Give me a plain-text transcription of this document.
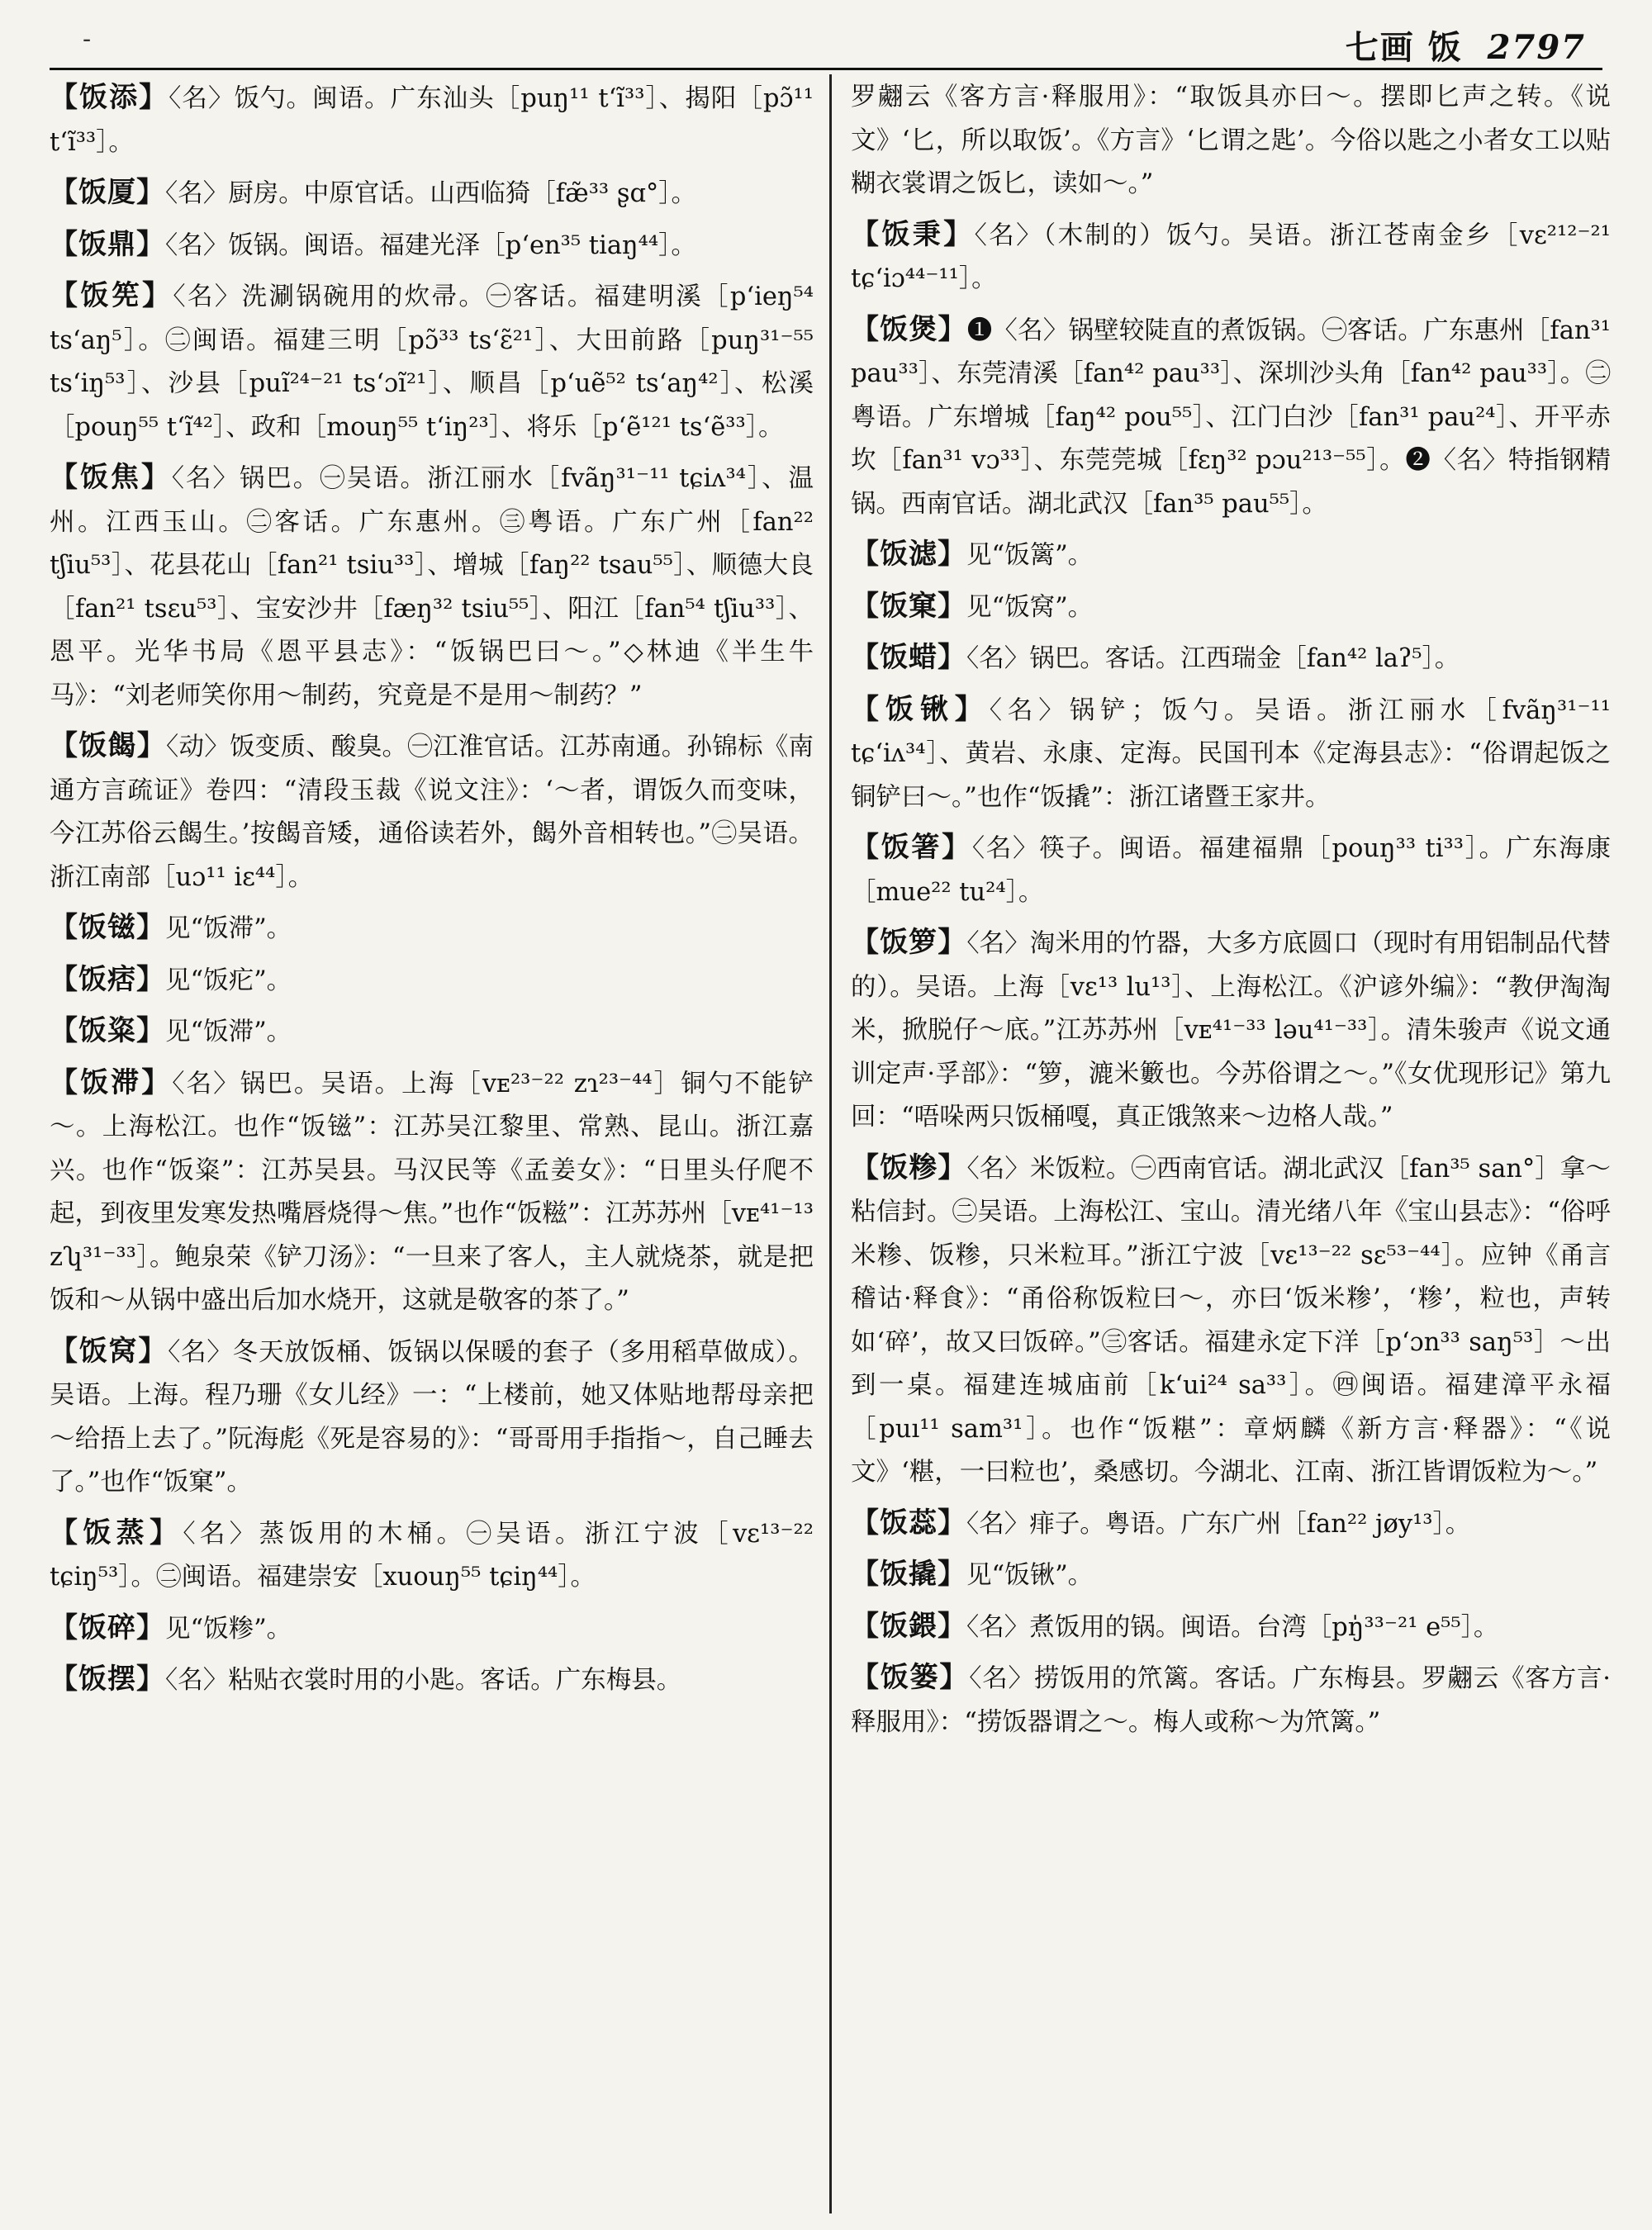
-	七画 饭 2797

【饭添】〈名〉饭勺。闽语。广东汕头［puŋ¹¹ t‘ĩ³³］、揭阳［pɔ̃¹¹ t‘ĩ³³］。

【饭厦】〈名〉厨房。中原官话。山西临猗［fæ̃³³ ʂɑ°］。

【饭鼎】〈名〉饭锅。闽语。福建光泽［p‘en³⁵ tiaŋ⁴⁴］。

【饭筅】〈名〉洗涮锅碗用的炊帚。㊀客话。福建明溪［p‘ieŋ⁵⁴ ts‘aŋ⁵］。㊁闽语。福建三明［pɔ̃³³ ts‘ɛ̃²¹］、大田前路［puŋ³¹⁻⁵⁵ ts‘iŋ⁵³］、沙县［puĩ²⁴⁻²¹ ts‘ɔĩ²¹］、顺昌［p‘uẽ⁵² ts‘aŋ⁴²］、松溪［pouŋ⁵⁵ t‘ĩ⁴²］、政和［mouŋ⁵⁵ t‘iŋ²³］、将乐［p‘ẽ¹²¹ ts‘ẽ³³］。

【饭焦】〈名〉锅巴。㊀吴语。浙江丽水［fvãŋ³¹⁻¹¹ tɕiʌ³⁴］、温州。江西玉山。㊁客话。广东惠州。㊂粤语。广东广州［fan²² tʃiu⁵³］、花县花山［fan²¹ tsiu³³］、增城［faŋ²² tsau⁵⁵］、顺德大良［fan²¹ tsɛu⁵³］、宝安沙井［fæŋ³² tsiu⁵⁵］、阳江［fan⁵⁴ tʃiu³³］、恩平。光华书局《恩平县志》：“饭锅巴曰～。”◇林迪《半生牛马》：“刘老师笑你用～制药，究竟是不是用～制药？”

【饭餲】〈动〉饭变质、酸臭。㊀江淮官话。江苏南通。孙锦标《南通方言疏证》卷四：“清段玉裁《说文注》：‘～者，谓饭久而变味，今江苏俗云餲生。’按餲音矮，通俗读若外，餲外音相转也。”㊁吴语。浙江南部［uɔ¹¹ iɛ⁴⁴］。

【饭镃】见“饭滞”。

【饭痞】见“饭疕”。

【饭粢】见“饭滞”。

【饭滞】〈名〉锅巴。吴语。上海［vᴇ²³⁻²² zɿ²³⁻⁴⁴］铜勺不能铲～。上海松江。也作“饭镃”：江苏吴江黎里、常熟、昆山。浙江嘉兴。也作“饭粢”：江苏吴县。马汉民等《孟姜女》：“日里头仔爬不起，到夜里发寒发热嘴唇烧得～焦。”也作“饭糍”：江苏苏州［vᴇ⁴¹⁻¹³ zʮ³¹⁻³³］。鲍泉荣《铲刀汤》：“一旦来了客人，主人就烧茶，就是把饭和～从锅中盛出后加水烧开，这就是敬客的茶了。”

【饭窝】〈名〉冬天放饭桶、饭锅以保暖的套子（多用稻草做成）。吴语。上海。程乃珊《女儿经》一：“上楼前，她又体贴地帮母亲把～给捂上去了。”阮海彪《死是容易的》：“哥哥用手指指～，自己睡去了。”也作“饭窠”。

【饭蒸】〈名〉蒸饭用的木桶。㊀吴语。浙江宁波［vɛ¹³⁻²² tɕiŋ⁵³］。㊁闽语。福建崇安［xuouŋ⁵⁵ tɕiŋ⁴⁴］。

【饭碎】见“饭糁”。

【饭摆】〈名〉粘贴衣裳时用的小匙。客话。广东梅县。

罗翽云《客方言·释服用》：“取饭具亦曰～。摆即匕声之转。《说文》‘匕，所以取饭’。《方言》‘匕谓之匙’。今俗以匙之小者女工以贴糊衣裳谓之饭匕，读如～。”

【饭秉】〈名〉（木制的）饭勺。吴语。浙江苍南金乡［vɛ²¹²⁻²¹ tɕ‘iɔ⁴⁴⁻¹¹］。

【饭煲】❶〈名〉锅壁较陡直的煮饭锅。㊀客话。广东惠州［fan³¹ pau³³］、东莞清溪［fan⁴² pau³³］、深圳沙头角［fan⁴² pau³³］。㊁粤语。广东增城［faŋ⁴² pou⁵⁵］、江门白沙［fan³¹ pau²⁴］、开平赤坎［fan³¹ vɔ³³］、东莞莞城［fɛŋ³² pɔu²¹³⁻⁵⁵］。❷〈名〉特指钢精锅。西南官话。湖北武汉［fan³⁵ pau⁵⁵］。

【饭滤】见“饭篱”。

【饭窠】见“饭窝”。

【饭蜡】〈名〉锅巴。客话。江西瑞金［fan⁴² laʔ⁵］。

【饭锹】〈名〉锅铲；饭勺。吴语。浙江丽水［fvãŋ³¹⁻¹¹ tɕ‘iʌ³⁴］、黄岩、永康、定海。民国刊本《定海县志》：“俗谓起饭之铜铲曰～。”也作“饭撬”：浙江诸暨王家井。

【饭箸】〈名〉筷子。闽语。福建福鼎［pouŋ³³ ti³³］。广东海康［mue²² tu²⁴］。

【饭箩】〈名〉淘米用的竹器，大多方底圆口（现时有用铝制品代替的）。吴语。上海［vɛ¹³ lu¹³］、上海松江。《沪谚外编》：“教伊淘淘米，掀脱仔～底。”江苏苏州［vᴇ⁴¹⁻³³ ləu⁴¹⁻³³］。清朱骏声《说文通训定声·孚部》：“箩，漉米籔也。今苏俗谓之～。”《女优现形记》第九回：“唔哚两只饭桶嘎，真正饿煞来～边格人哉。”

【饭糁】〈名〉米饭粒。㊀西南官话。湖北武汉［fan³⁵ san°］拿～粘信封。㊁吴语。上海松江、宝山。清光绪八年《宝山县志》：“俗呼米糁、饭糁，只米粒耳。”浙江宁波［vɛ¹³⁻²² sɛ⁵³⁻⁴⁴］。应钟《甬言稽诂·释食》：“甬俗称饭粒曰～，亦曰‘饭米糁’，‘糁’，粒也，声转如‘碎’，故又曰饭碎。”㊂客话。福建永定下洋［p‘ɔn³³ saŋ⁵³］～出到一桌。福建连城庙前［k‘ui²⁴ sa³³］。㊃闽语。福建漳平永福［puı¹¹ sam³¹］。也作“饭糂”：章炳麟《新方言·释器》：“《说文》‘糂，一曰粒也’，桑感切。今湖北、江南、浙江皆谓饭粒为～。”

【饭蕊】〈名〉痱子。粤语。广东广州［fan²² jøy¹³］。

【饭撬】见“饭锹”。

【饭鍡】〈名〉煮饭用的锅。闽语。台湾［pŋ̍³³⁻²¹ e⁵⁵］。

【饭篓】〈名〉捞饭用的笊篱。客话。广东梅县。罗翽云《客方言·释服用》：“捞饭器谓之～。梅人或称～为笊篱。”
